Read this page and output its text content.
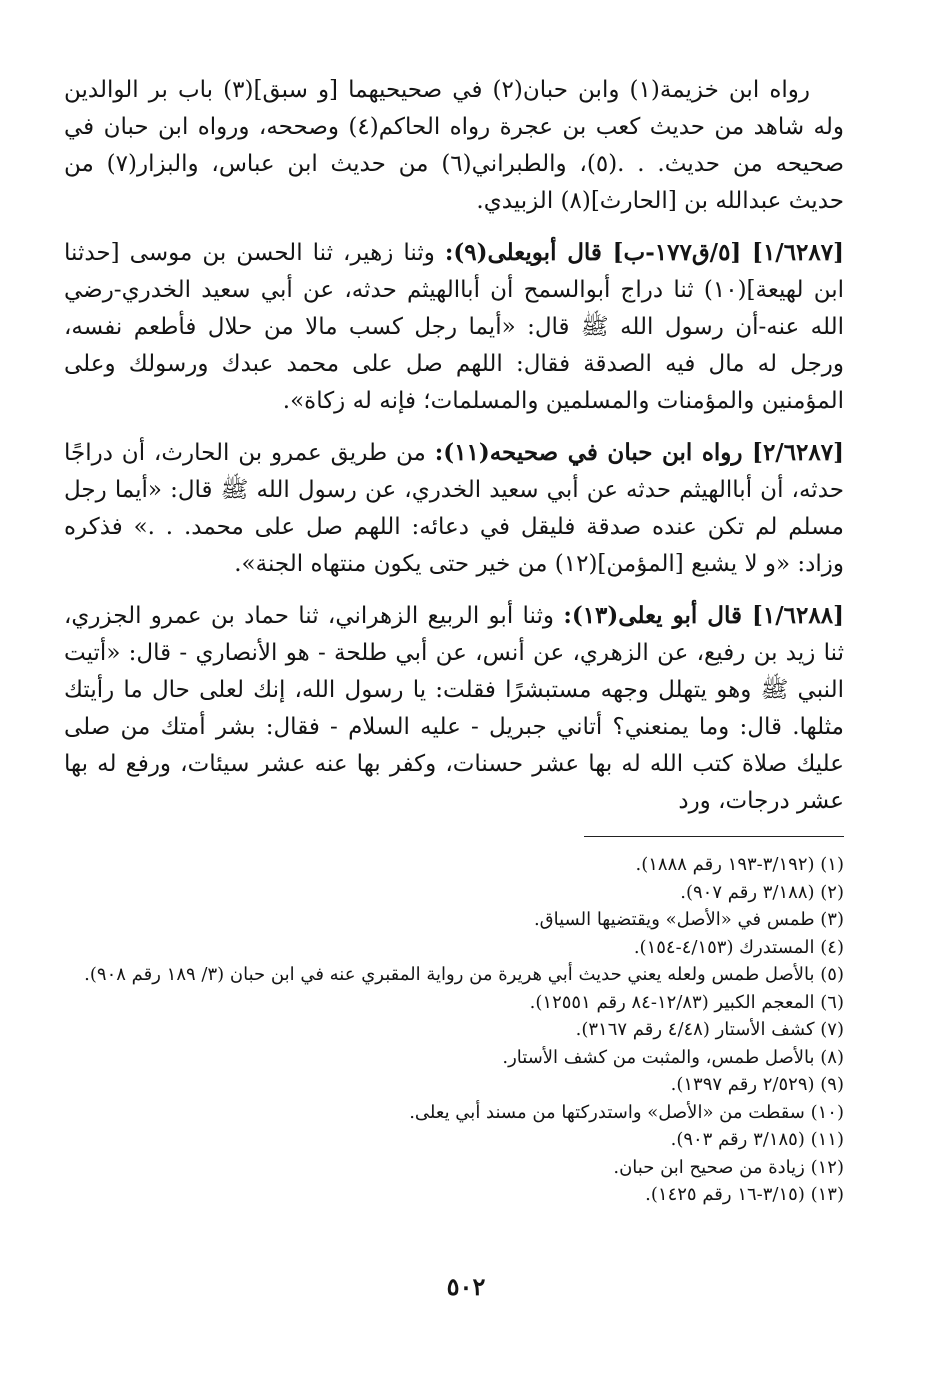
رواه ابن خزيمة(١) وابن حبان(٢) في صحيحيهما [و سبق](٣) باب بر الوالدين وله شاهد من حديث كعب بن عجرة رواه الحاكم(٤) وصححه، ورواه ابن حبان في صحيحه من حديث. . .(٥)، والطبراني(٦) من حديث ابن عباس، والبزار(٧) من حديث عبدالله بن [الحارث](٨) الزبيدي.

[١/٦٢٨٧] [٥/ق١٧٧-ب] قال أبويعلى(٩): وثنا زهير، ثنا الحسن بن موسى [حدثنا ابن لهيعة](١٠) ثنا دراج أبوالسمح أن أباالهيثم حدثه، عن أبي سعيد الخدري-رضي الله عنه-أن رسول الله ﷺ قال: «أيما رجل كسب مالا من حلال فأطعم نفسه، ورجل له مال فيه الصدقة فقال: اللهم صل على محمد عبدك ورسولك وعلى المؤمنين والمؤمنات والمسلمين والمسلمات؛ فإنه له زكاة».

[٢/٦٢٨٧] رواه ابن حبان في صحيحه(١١): من طريق عمرو بن الحارث، أن دراجًا حدثه، أن أباالهيثم حدثه عن أبي سعيد الخدري، عن رسول الله ﷺ قال: «أيما رجل مسلم لم تكن عنده صدقة فليقل في دعائه: اللهم صل على محمد. . .» فذكره وزاد: «و لا يشبع [المؤمن](١٢) من خير حتى يكون منتهاه الجنة».

[١/٦٢٨٨] قال أبو يعلى(١٣): وثنا أبو الربيع الزهراني، ثنا حماد بن عمرو الجزري، ثنا زيد بن رفيع، عن الزهري، عن أنس، عن أبي طلحة - هو الأنصاري - قال: «أتيت النبي ﷺ وهو يتهلل وجهه مستبشرًا فقلت: يا رسول الله، إنك لعلى حال ما رأيتك مثلها. قال: وما يمنعني؟ أتاني جبريل - عليه السلام - فقال: بشر أمتك من صلى عليك صلاة كتب الله له بها عشر حسنات، وكفر بها عنه عشر سيئات، ورفع له بها عشر درجات، ورد

(١) (٣/١٩٢-١٩٣ رقم ١٨٨٨).
(٢) (٣/١٨٨ رقم ٩٠٧).
(٣) طمس في «الأصل» ويقتضيها السياق.
(٤) المستدرك (٤/١٥٣-١٥٤).
(٥) بالأصل طمس ولعله يعني حديث أبي هريرة من رواية المقبري عنه في ابن حبان (٣/ ١٨٩ رقم ٩٠٨).
(٦) المعجم الكبير (١٢/٨٣-٨٤ رقم ١٢٥٥١).
(٧) كشف الأستار (٤/٤٨ رقم ٣١٦٧).
(٨) بالأصل طمس، والمثبت من كشف الأستار.
(٩) (٢/٥٢٩ رقم ١٣٩٧).
(١٠) سقطت من «الأصل» واستدركتها من مسند أبي يعلى.
(١١) (٣/١٨٥ رقم ٩٠٣).
(١٢) زيادة من صحيح ابن حبان.
(١٣) (٣/١٥-١٦ رقم ١٤٢٥).
٥٠٢
